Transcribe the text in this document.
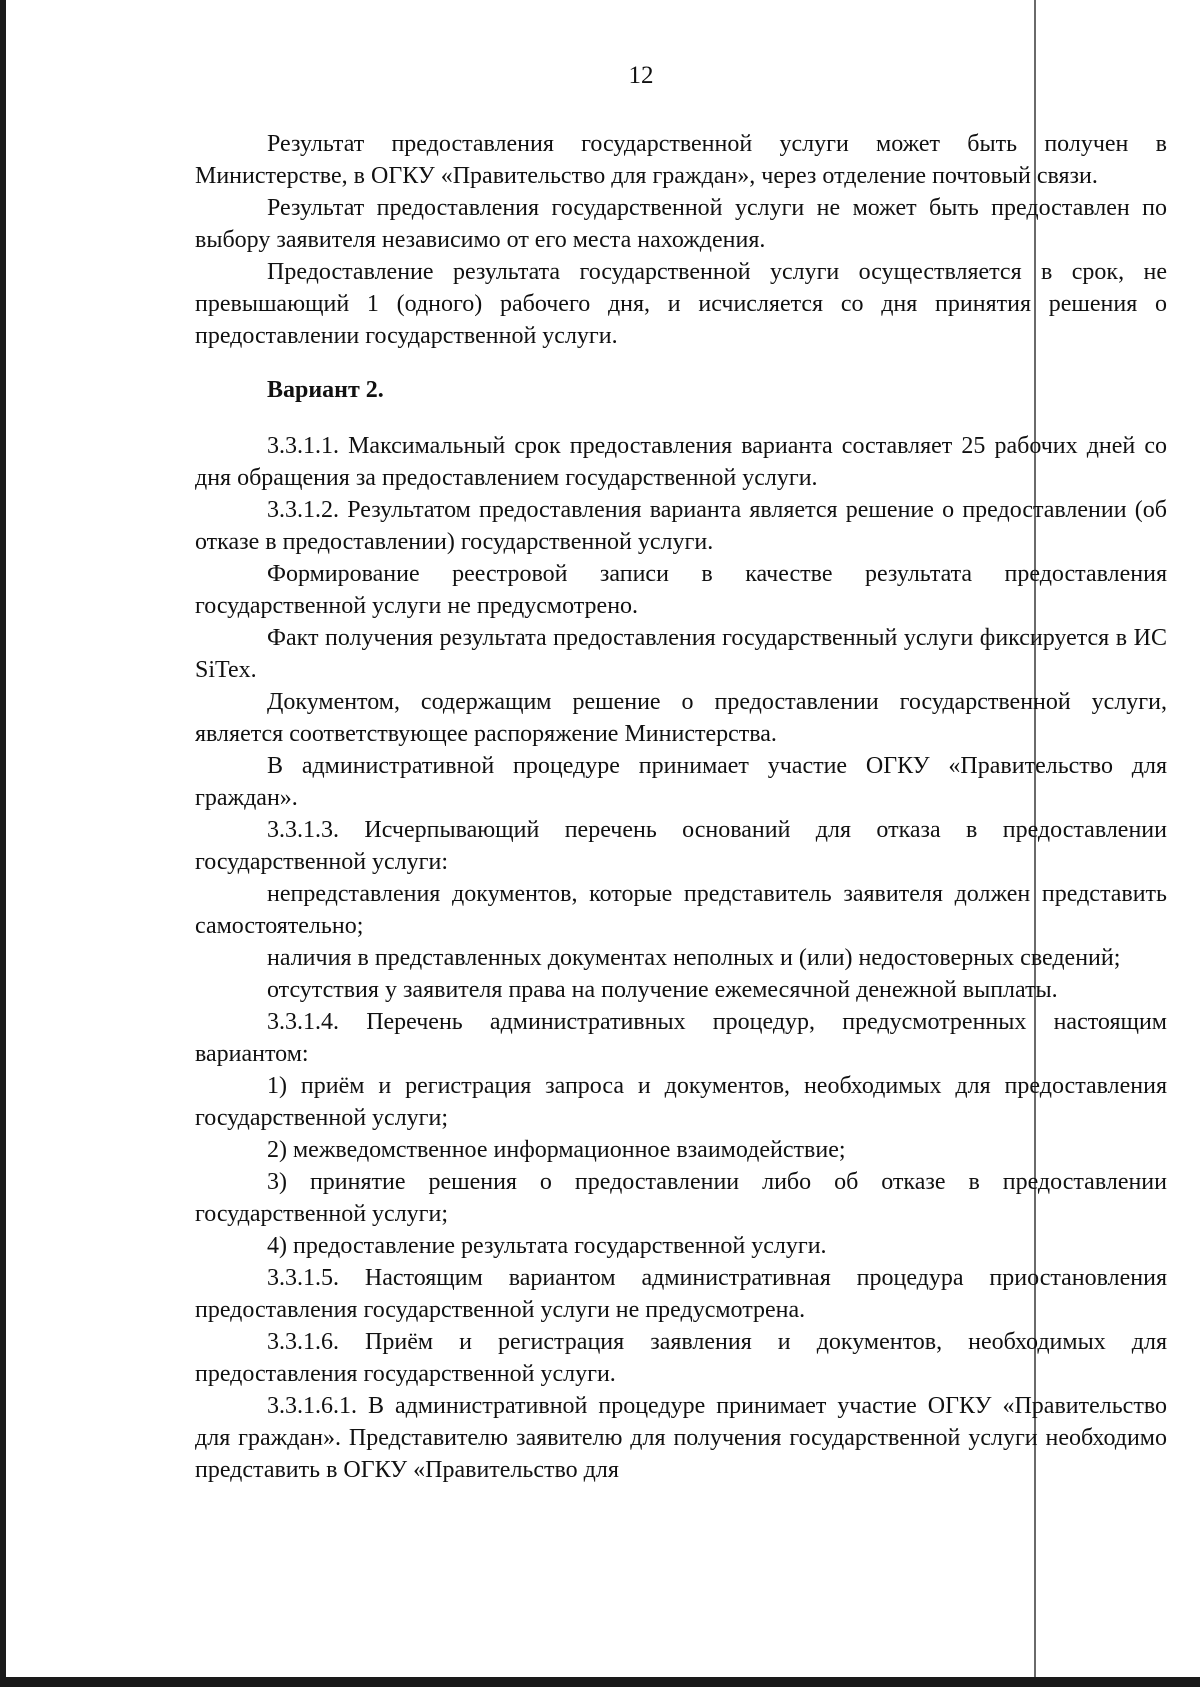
12

Результат предоставления государственной услуги может быть получен в Министерстве, в ОГКУ «Правительство для граждан», через отделение почтовый связи.

Результат предоставления государственной услуги не может быть предоставлен по выбору заявителя независимо от его места нахождения.

Предоставление результата государственной услуги осуществляется в срок, не превышающий 1 (одного) рабочего дня, и исчисляется со дня принятия решения о предоставлении государственной услуги.

Вариант 2.

3.3.1.1. Максимальный срок предоставления варианта составляет 25 рабочих дней со дня обращения за предоставлением государственной услуги.

3.3.1.2. Результатом предоставления варианта является решение о предоставлении (об отказе в предоставлении) государственной услуги.

Формирование реестровой записи в качестве результата предоставления государственной услуги не предусмотрено.

Факт получения результата предоставления государственный услуги фиксируется в ИС SiTex.

Документом, содержащим решение о предоставлении государственной услуги, является соответствующее распоряжение Министерства.

В административной процедуре принимает участие ОГКУ «Правительство для граждан».

3.3.1.3. Исчерпывающий перечень оснований для отказа в предоставлении государственной услуги:

непредставления документов, которые представитель заявителя должен представить самостоятельно;

наличия в представленных документах неполных и (или) недостоверных сведений;

отсутствия у заявителя права на получение ежемесячной денежной выплаты.

3.3.1.4. Перечень административных процедур, предусмотренных настоящим вариантом:

1) приём и регистрация запроса и документов, необходимых для предоставления государственной услуги;

2) межведомственное информационное взаимодействие;

3) принятие решения о предоставлении либо об отказе в предоставлении государственной услуги;

4) предоставление результата государственной услуги.

3.3.1.5. Настоящим вариантом административная процедура приостановления предоставления государственной услуги не предусмотрена.

3.3.1.6. Приём и регистрация заявления и документов, необходимых для предоставления государственной услуги.

3.3.1.6.1. В административной процедуре принимает участие ОГКУ «Правительство для граждан». Представителю заявителю для получения государственной услуги необходимо представить в ОГКУ «Правительство для
